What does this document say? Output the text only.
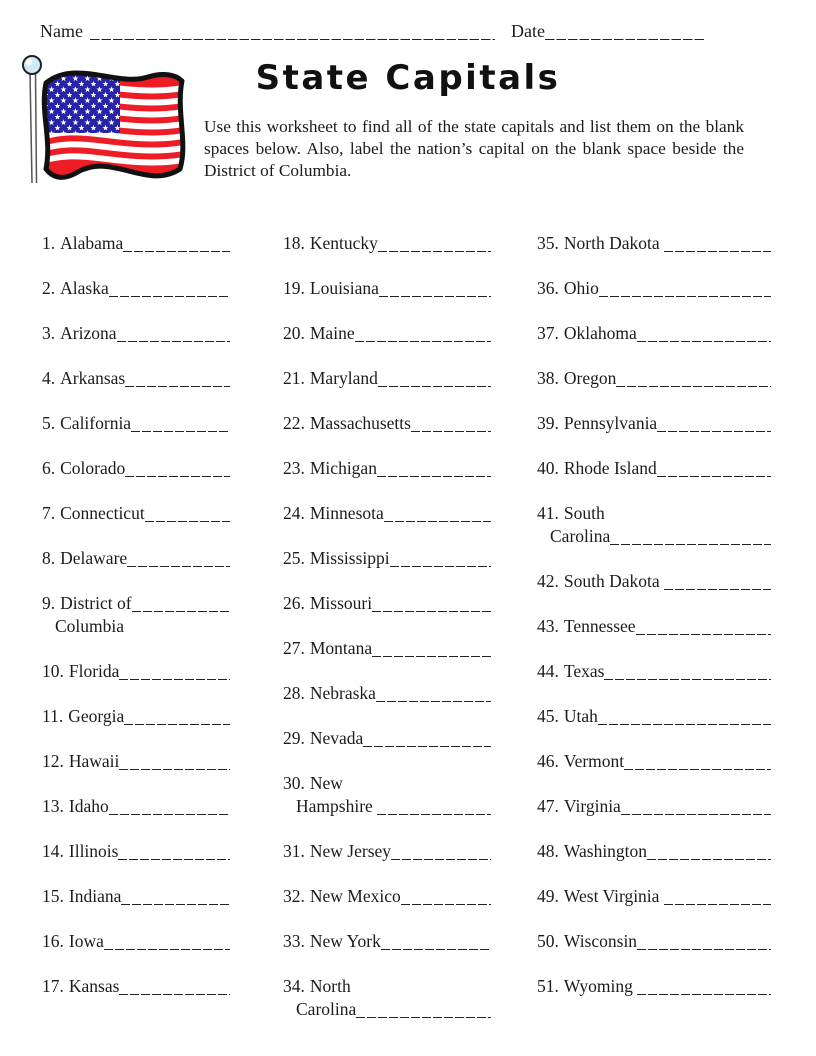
Name	Date
State Capitals

Use this worksheet to find all of the state capitals and list them on the blank spaces below. Also, label the nation’s capital on the blank space beside the District of Columbia.

1. Alabama
2. Alaska
3. Arizona
4. Arkansas
5. California
6. Colorado
7. Connecticut
8. Delaware
9. District of
Columbia
10. Florida
11. Georgia
12. Hawaii
13. Idaho
14. Illinois
15. Indiana
16. Iowa
17. Kansas
18. Kentucky
19. Louisiana
20. Maine
21. Maryland
22. Massachusetts
23. Michigan
24. Minnesota
25. Mississippi
26. Missouri
27. Montana
28. Nebraska
29. Nevada
30. New
Hampshire
31. New Jersey
32. New Mexico
33. New York
34. North
Carolina
35. North Dakota
36. Ohio
37. Oklahoma
38. Oregon
39. Pennsylvania
40. Rhode Island
41. South
Carolina
42. South Dakota
43. Tennessee
44. Texas
45. Utah
46. Vermont
47. Virginia
48. Washington
49. West Virginia
50. Wisconsin
51. Wyoming
